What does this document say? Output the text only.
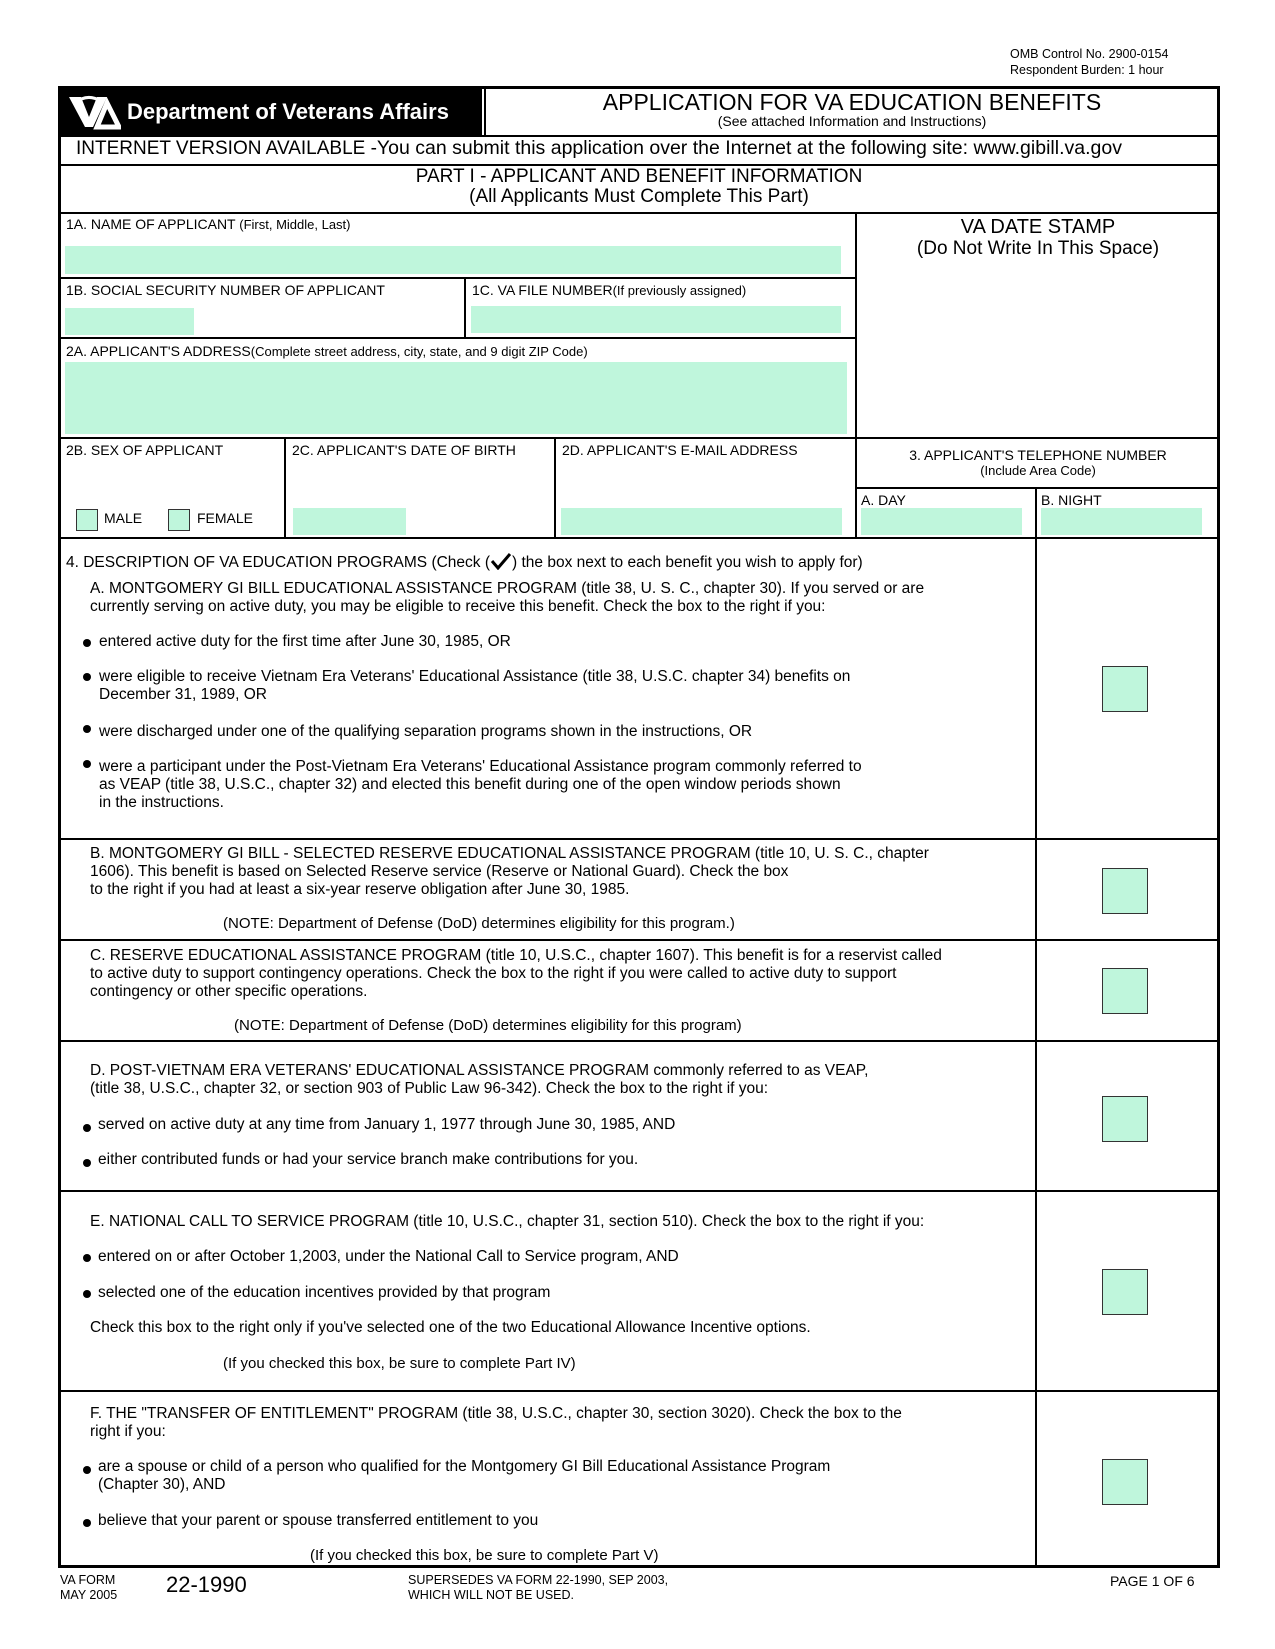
OMB Control No. 2900-0154
Respondent Burden: 1 hour
Department of Veterans Affairs	APPLICATION FOR VA EDUCATION BENEFITS
(See attached Information and Instructions)
INTERNET VERSION AVAILABLE -You can submit this application over the Internet at the following site: www.gibill.va.gov
PART I - APPLICANT AND BENEFIT INFORMATION
(All Applicants Must Complete This Part)
1A. NAME OF APPLICANT (First, Middle, Last)
1B. SOCIAL SECURITY NUMBER OF APPLICANT	1C. VA FILE NUMBER(If previously assigned)
2A. APPLICANT'S ADDRESS(Complete street address, city, state, and 9 digit ZIP Code)
VA DATE STAMP
(Do Not Write In This Space)
2B. SEX OF APPLICANT
MALE	FEMALE
2C. APPLICANT'S DATE OF BIRTH	2D. APPLICANT'S E-MAIL ADDRESS	3. APPLICANT'S TELEPHONE NUMBER
(Include Area Code)
A. DAY	B. NIGHT
4. DESCRIPTION OF VA EDUCATION PROGRAMS (Check ( ) the box next to each benefit you wish to apply for)
A. MONTGOMERY GI BILL EDUCATIONAL ASSISTANCE PROGRAM (title 38, U. S. C., chapter 30). If you served or are
currently serving on active duty, you may be eligible to receive this benefit. Check the box to the right if you:
entered active duty for the first time after June 30, 1985, OR
were eligible to receive Vietnam Era Veterans' Educational Assistance (title 38, U.S.C. chapter 34) benefits on
December 31, 1989, OR
were discharged under one of the qualifying separation programs shown in the instructions, OR
were a participant under the Post-Vietnam Era Veterans' Educational Assistance program commonly referred to
as VEAP (title 38, U.S.C., chapter 32) and elected this benefit during one of the open window periods shown
in the instructions.
B. MONTGOMERY GI BILL - SELECTED RESERVE EDUCATIONAL ASSISTANCE PROGRAM (title 10, U. S. C., chapter
1606). This benefit is based on Selected Reserve service (Reserve or National Guard). Check the box
to the right if you had at least a six-year reserve obligation after June 30, 1985.
(NOTE: Department of Defense (DoD) determines eligibility for this program.)
C. RESERVE EDUCATIONAL ASSISTANCE PROGRAM (title 10, U.S.C., chapter 1607). This benefit is for a reservist called
to active duty to support contingency operations. Check the box to the right if you were called to active duty to support
contingency or other specific operations.
(NOTE: Department of Defense (DoD) determines eligibility for this program)
D. POST-VIETNAM ERA VETERANS' EDUCATIONAL ASSISTANCE PROGRAM commonly referred to as VEAP,
(title 38, U.S.C., chapter 32, or section 903 of Public Law 96-342). Check the box to the right if you:
served on active duty at any time from January 1, 1977 through June 30, 1985, AND
either contributed funds or had your service branch make contributions for you.
E. NATIONAL CALL TO SERVICE PROGRAM (title 10, U.S.C., chapter 31, section 510). Check the box to the right if you:
entered on or after October 1,2003, under the National Call to Service program, AND
selected one of the education incentives provided by that program
Check this box to the right only if you've selected one of the two Educational Allowance Incentive options.
(If you checked this box, be sure to complete Part IV)
F. THE "TRANSFER OF ENTITLEMENT" PROGRAM (title 38, U.S.C., chapter 30, section 3020). Check the box to the
right if you:
are a spouse or child of a person who qualified for the Montgomery GI Bill Educational Assistance Program
(Chapter 30), AND
believe that your parent or spouse transferred entitlement to you
(If you checked this box, be sure to complete Part V)
VA FORM
MAY 2005 22-1990	SUPERSEDES VA FORM 22-1990, SEP 2003,
WHICH WILL NOT BE USED.
PAGE 1 OF 6
